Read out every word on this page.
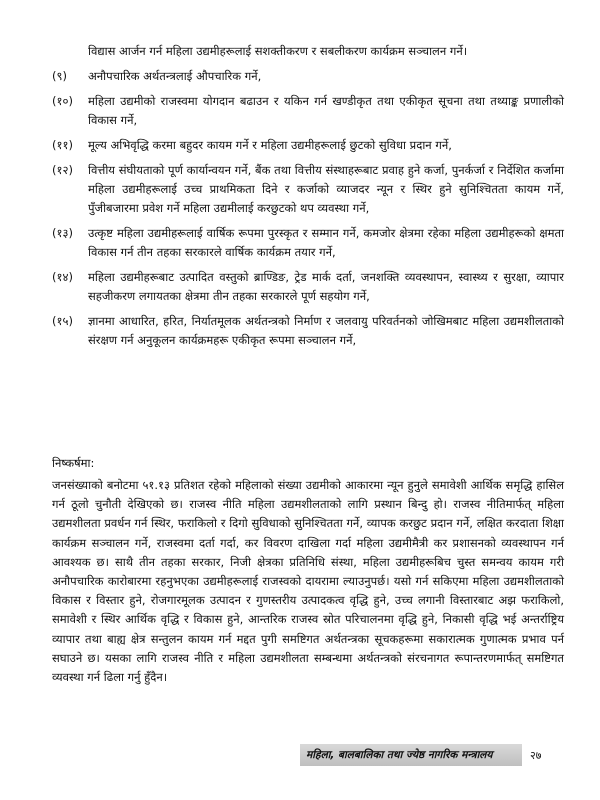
विद्यास आर्जन गर्न महिला उद्यमीहरूलाई सशक्तीकरण र सबलीकरण कार्यक्रम सञ्चालन गर्ने।
(९)	अनौपचारिक अर्थतन्त्रलाई औपचारिक गर्ने,
(१०)	महिला उद्यमीको राजस्वमा योगदान बढाउन र यकिन गर्न खण्डीकृत तथा एकीकृत सूचना तथा तथ्याङ्क प्रणालीको विकास गर्ने,
(११)	मूल्य अभिवृद्धि करमा बहुदर कायम गर्ने र महिला उद्यमीहरूलाई छुटको सुविधा प्रदान गर्ने,
(१२)	वित्तीय संघीयताको पूर्ण कार्यान्वयन गर्ने, बैंक तथा वित्तीय संस्थाहरूबाट प्रवाह हुने कर्जा, पुनर्कर्जा र निर्देशित कर्जामा महिला उद्यमीहरूलाई उच्च प्राथमिकता दिने र कर्जाको व्याजदर न्यून र स्थिर हुने सुनिश्चितता कायम गर्ने, पुँजीबजारमा प्रवेश गर्ने महिला उद्यमीलाई करछुटको थप व्यवस्था गर्ने,
(१३)	उत्कृष्ट महिला उद्यमीहरूलाई वार्षिक रूपमा पुरस्कृत र सम्मान गर्ने, कमजोर क्षेत्रमा रहेका महिला उद्यमीहरूको क्षमता विकास गर्न तीन तहका सरकारले वार्षिक कार्यक्रम तयार गर्ने,
(१४)	महिला उद्यमीहरूबाट उत्पादित वस्तुको ब्राण्डिङ, ट्रेड मार्क दर्ता, जनशक्ति व्यवस्थापन, स्वास्थ्य र सुरक्षा, व्यापार सहजीकरण लगायतका क्षेत्रमा तीन तहका सरकारले पूर्ण सहयोग गर्ने,
(१५)	ज्ञानमा आधारित, हरित, निर्यातमूलक अर्थतन्त्रको निर्माण र जलवायु परिवर्तनको जोखिमबाट महिला उद्यमशीलताको संरक्षण गर्न अनुकूलन कार्यक्रमहरू एकीकृत रूपमा सञ्चालन गर्ने,
निष्कर्षमा:
जनसंख्याको बनोटमा ५१.१३ प्रतिशत रहेको महिलाको संख्या उद्यमीको आकारमा न्यून हुनुले समावेशी आर्थिक समृद्धि हासिल गर्न ठूलो चुनौती देखिएको छ। राजस्व नीति महिला उद्यमशीलताको लागि प्रस्थान बिन्दु हो। राजस्व नीतिमार्फत् महिला उद्यमशीलता प्रवर्धन गर्न स्थिर, फराकिलो र दिगो सुविधाको सुनिश्चितता गर्ने, व्यापक करछुट प्रदान गर्ने, लक्षित करदाता शिक्षा कार्यक्रम सञ्चालन गर्ने, राजस्वमा दर्ता गर्दा, कर विवरण दाखिला गर्दा महिला उद्यमीमैत्री कर प्रशासनको व्यवस्थापन गर्न आवश्यक छ। साथै तीन तहका सरकार, निजी क्षेत्रका प्रतिनिधि संस्था, महिला उद्यमीहरूबिच चुस्त समन्वय कायम गरी अनौपचारिक कारोबारमा रहनुभएका उद्यमीहरूलाई राजस्वको दायरामा ल्याउनुपर्छ। यसो गर्न सकिएमा महिला उद्यमशीलताको विकास र विस्तार हुने, रोजगारमूलक उत्पादन र गुणस्तरीय उत्पादकत्व वृद्धि हुने, उच्च लगानी विस्तारबाट अझ फराकिलो, समावेशी र स्थिर आर्थिक वृद्धि र विकास हुने, आन्तरिक राजस्व स्रोत परिचालनमा वृद्धि हुने, निकासी वृद्धि भई अन्तर्राष्ट्रिय व्यापार तथा बाह्य क्षेत्र सन्तुलन कायम गर्न मद्दत पुगी समष्टिगत अर्थतन्त्रका सूचकहरूमा सकारात्मक गुणात्मक प्रभाव पर्न सघाउने छ। यसका लागि राजस्व नीति र महिला उद्यमशीलता सम्बन्धमा अर्थतन्त्रको संरचनागत रूपान्तरणमार्फत् समष्टिगत व्यवस्था गर्न ढिला गर्नु हुँदैन।
महिला, बालबालिका तथा ज्येष्ठ नागरिक मन्त्रालय	२७
